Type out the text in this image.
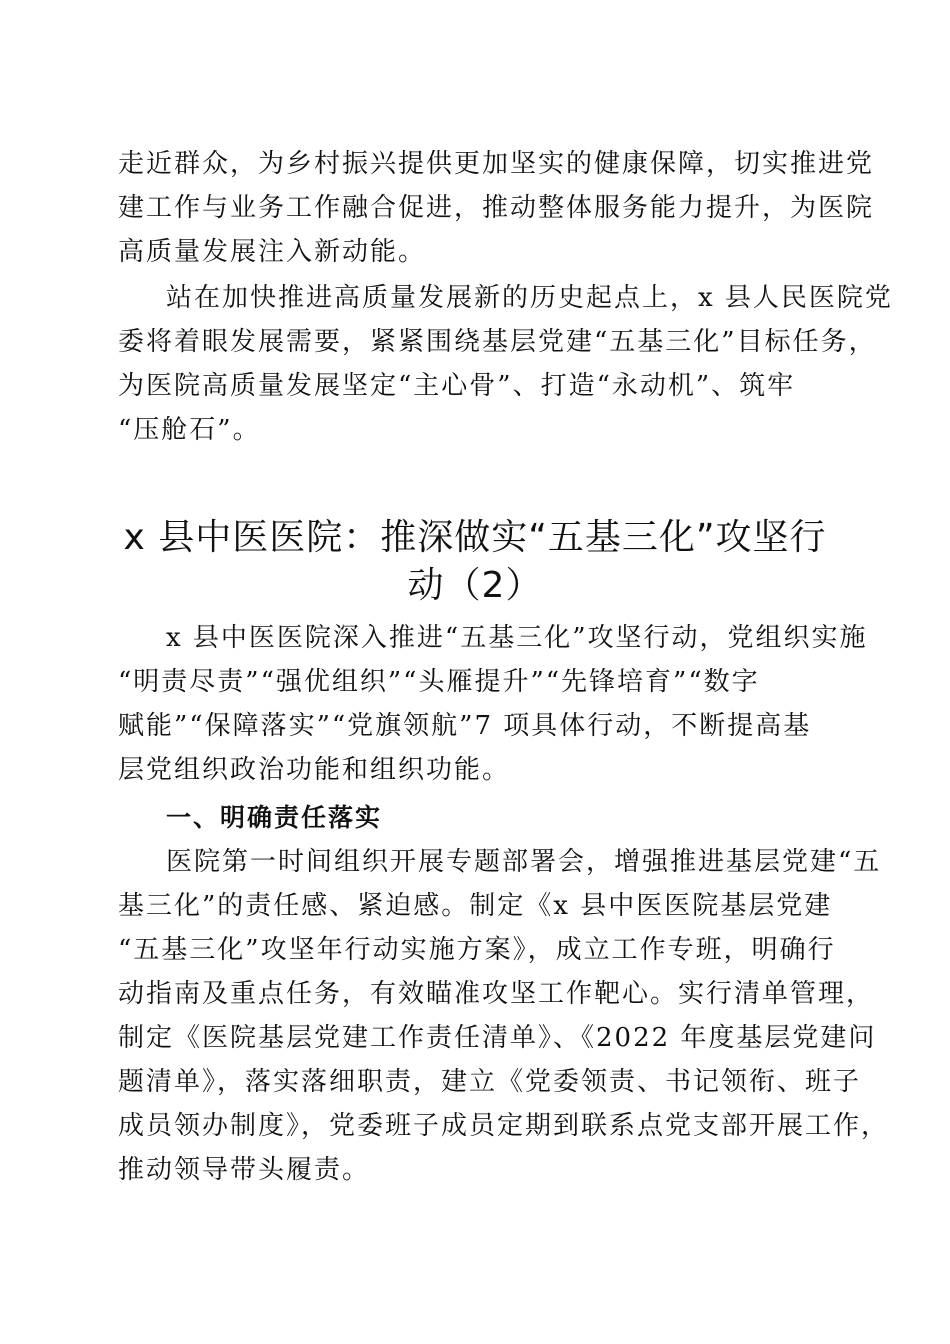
走近群众，为乡村振兴提供更加坚实的健康保障，切实推进党
建工作与业务工作融合促进，推动整体服务能力提升，为医院
高质量发展注入新动能。
站在加快推进高质量发展新的历史起点上，x 县人民医院党
委将着眼发展需要，紧紧围绕基层党建“五基三化”目标任务，
为医院高质量发展坚定“主心骨”、打造“永动机”、筑牢
“压舱石”。
x 县中医医院：推深做实“五基三化”攻坚行
动（2）
x 县中医医院深入推进“五基三化”攻坚行动，党组织实施
“明责尽责”“强优组织”“头雁提升”“先锋培育”“数字
赋能”“保障落实”“党旗领航”7 项具体行动，不断提高基
层党组织政治功能和组织功能。
一、明确责任落实
医院第一时间组织开展专题部署会，增强推进基层党建“五
基三化”的责任感、紧迫感。制定《x 县中医医院基层党建
“五基三化”攻坚年行动实施方案》，成立工作专班，明确行
动指南及重点任务，有效瞄准攻坚工作靶心。实行清单管理，
制定《医院基层党建工作责任清单》、《2022 年度基层党建问
题清单》，落实落细职责，建立《党委领责、书记领衔、班子
成员领办制度》，党委班子成员定期到联系点党支部开展工作，
推动领导带头履责。
